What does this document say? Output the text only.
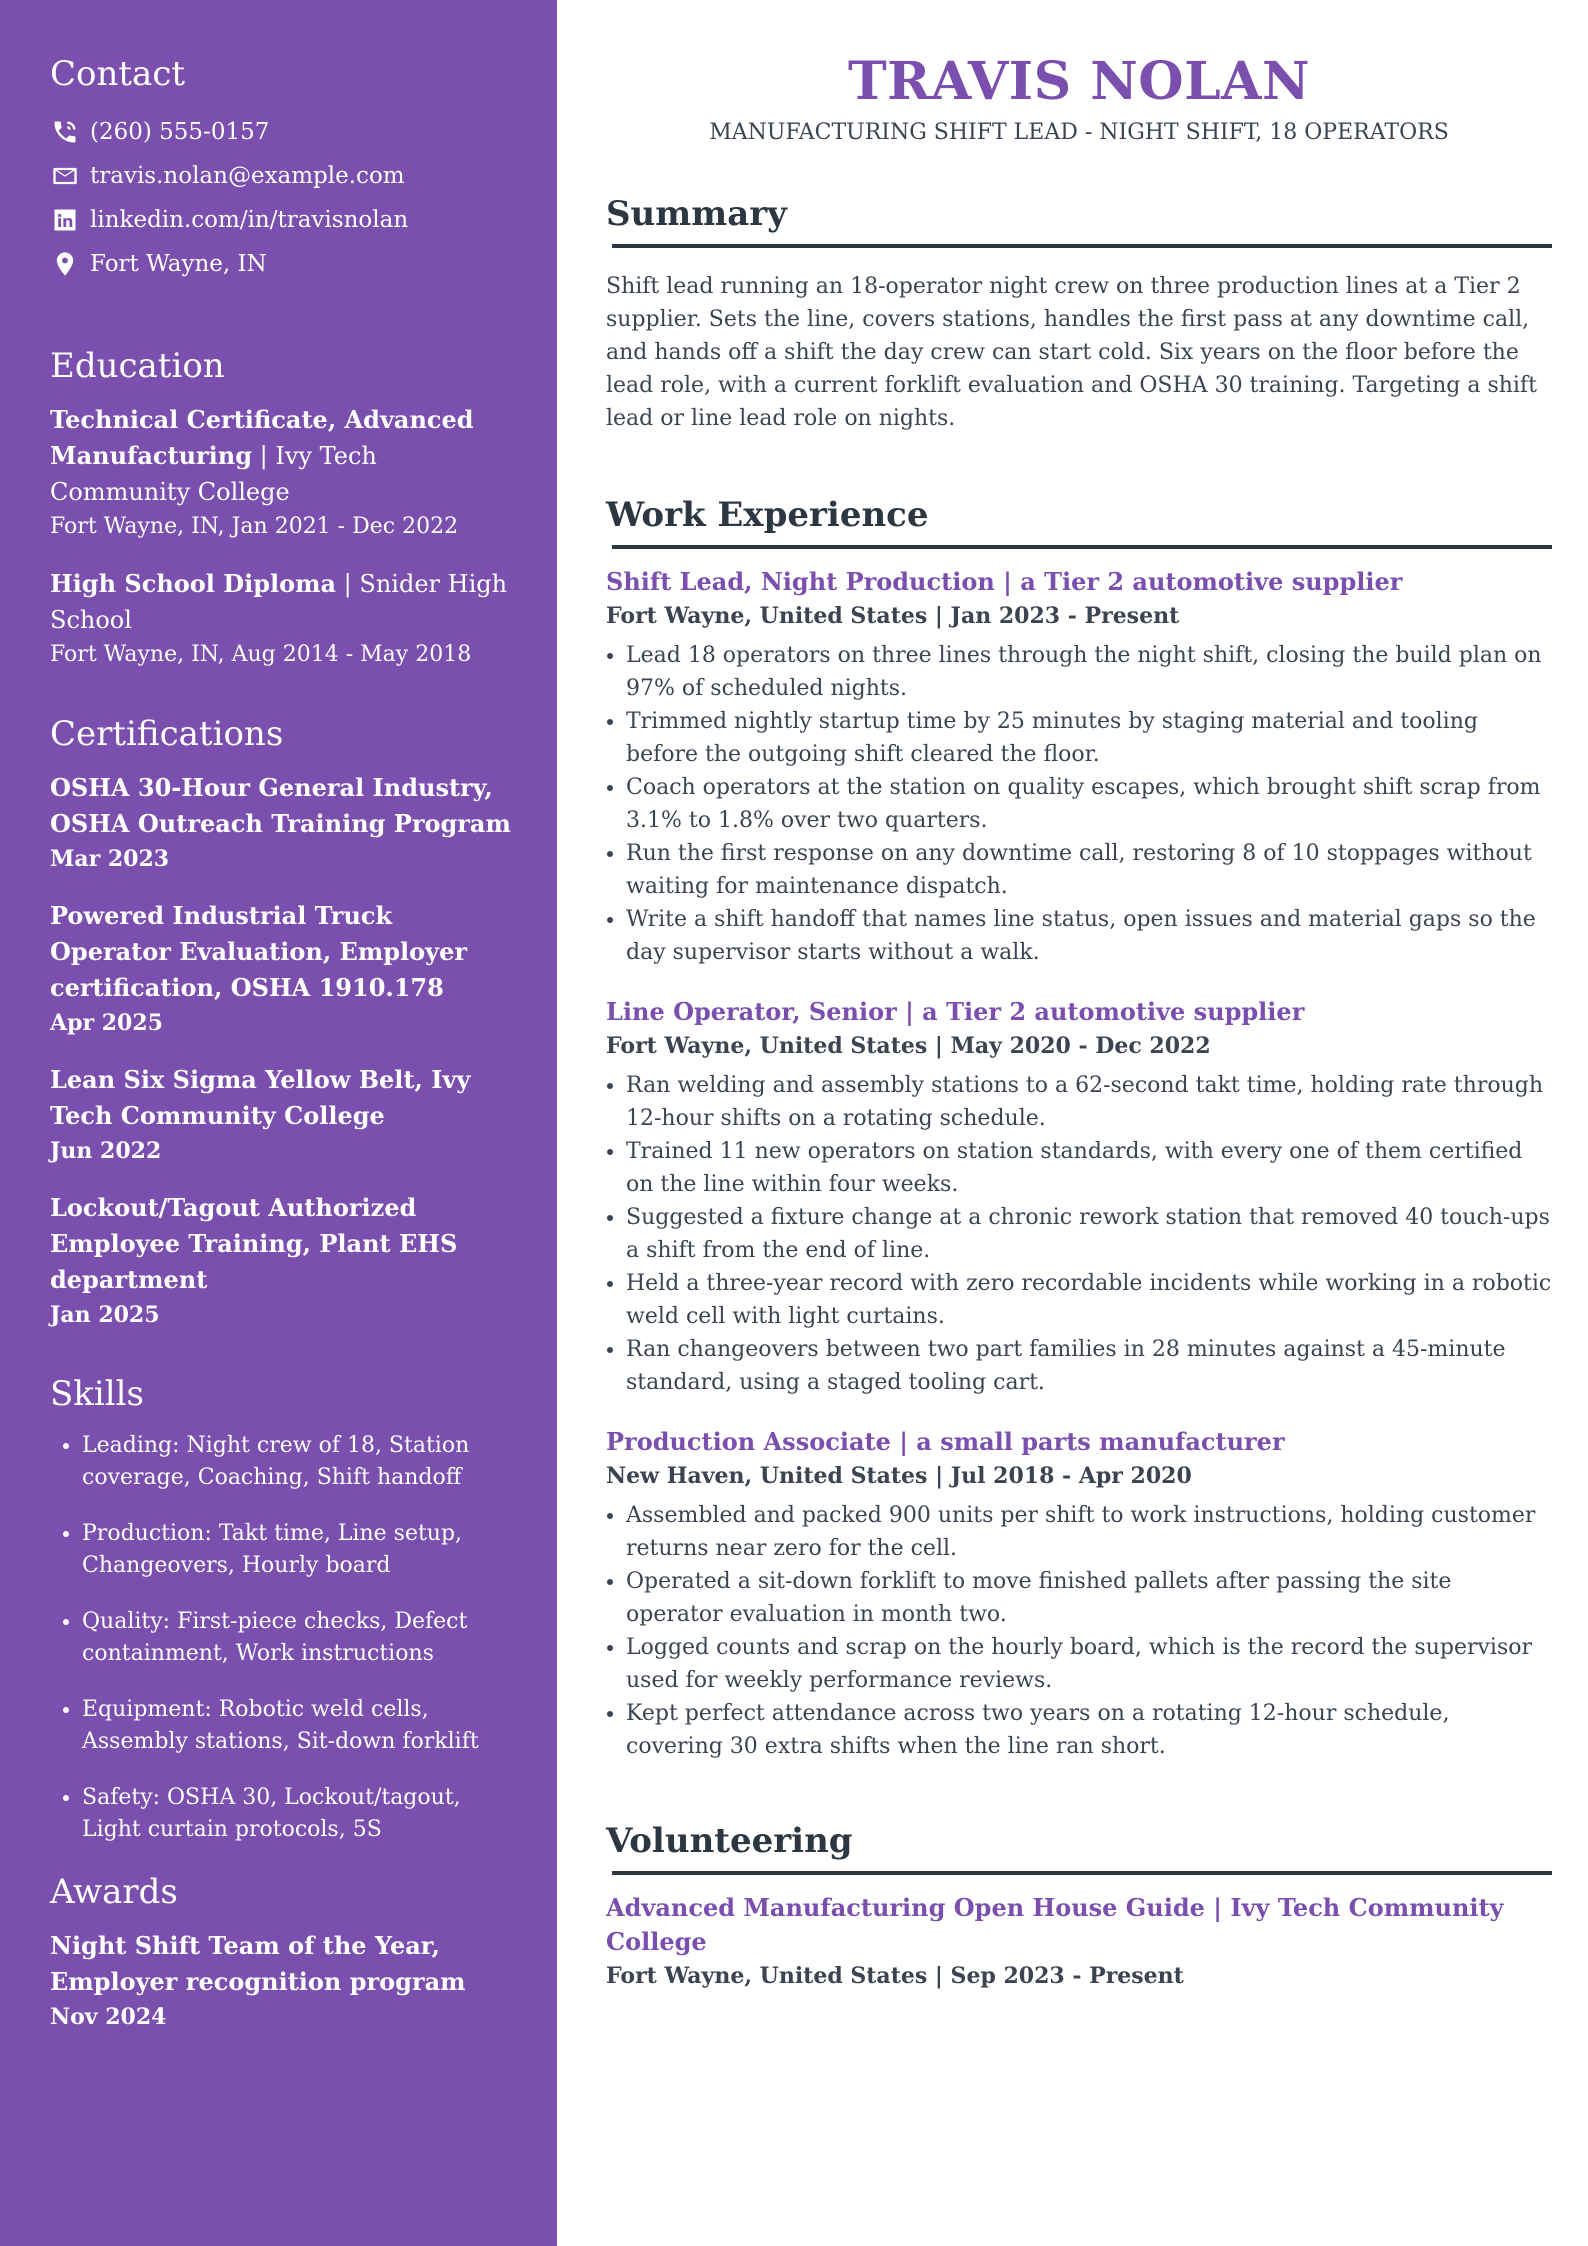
Contact
(260) 555-0157
travis.nolan@example.com
linkedin.com/in/travisnolan
Fort Wayne, IN
Education
Technical Certificate, Advanced Manufacturing | Ivy Tech Community College
Fort Wayne, IN, Jan 2021 - Dec 2022
High School Diploma | Snider High School
Fort Wayne, IN, Aug 2014 - May 2018
Certifications
OSHA 30-Hour General Industry, OSHA Outreach Training Program
Mar 2023
Powered Industrial Truck Operator Evaluation, Employer certification, OSHA 1910.178
Apr 2025
Lean Six Sigma Yellow Belt, Ivy Tech Community College
Jun 2022
Lockout/Tagout Authorized Employee Training, Plant EHS department
Jan 2025
Skills
• Leading: Night crew of 18, Station coverage, Coaching, Shift handoff
• Production: Takt time, Line setup, Changeovers, Hourly board
• Quality: First-piece checks, Defect containment, Work instructions
• Equipment: Robotic weld cells, Assembly stations, Sit-down forklift
• Safety: OSHA 30, Lockout/tagout, Light curtain protocols, 5S
Awards
Night Shift Team of the Year, Employer recognition program
Nov 2024
TRAVIS NOLAN
MANUFACTURING SHIFT LEAD - NIGHT SHIFT, 18 OPERATORS
Summary

Shift lead running an 18-operator night crew on three production lines at a Tier 2 supplier. Sets the line, covers stations, handles the first pass at any downtime call, and hands off a shift the day crew can start cold. Six years on the floor before the lead role, with a current forklift evaluation and OSHA 30 training. Targeting a shift lead or line lead role on nights.

Work Experience
Shift Lead, Night Production | a Tier 2 automotive supplier
Fort Wayne, United States | Jan 2023 - Present
• Lead 18 operators on three lines through the night shift, closing the build plan on 97% of scheduled nights.
• Trimmed nightly startup time by 25 minutes by staging material and tooling before the outgoing shift cleared the floor.
• Coach operators at the station on quality escapes, which brought shift scrap from 3.1% to 1.8% over two quarters.
• Run the first response on any downtime call, restoring 8 of 10 stoppages without waiting for maintenance dispatch.
• Write a shift handoff that names line status, open issues and material gaps so the day supervisor starts without a walk.
Line Operator, Senior | a Tier 2 automotive supplier
Fort Wayne, United States | May 2020 - Dec 2022
• Ran welding and assembly stations to a 62-second takt time, holding rate through 12-hour shifts on a rotating schedule.
• Trained 11 new operators on station standards, with every one of them certified on the line within four weeks.
• Suggested a fixture change at a chronic rework station that removed 40 touch-ups a shift from the end of line.
• Held a three-year record with zero recordable incidents while working in a robotic weld cell with light curtains.
• Ran changeovers between two part families in 28 minutes against a 45-minute standard, using a staged tooling cart.
Production Associate | a small parts manufacturer
New Haven, United States | Jul 2018 - Apr 2020
• Assembled and packed 900 units per shift to work instructions, holding customer returns near zero for the cell.
• Operated a sit-down forklift to move finished pallets after passing the site operator evaluation in month two.
• Logged counts and scrap on the hourly board, which is the record the supervisor used for weekly performance reviews.
• Kept perfect attendance across two years on a rotating 12-hour schedule, covering 30 extra shifts when the line ran short.
Volunteering
Advanced Manufacturing Open House Guide | Ivy Tech Community College
Fort Wayne, United States | Sep 2023 - Present
